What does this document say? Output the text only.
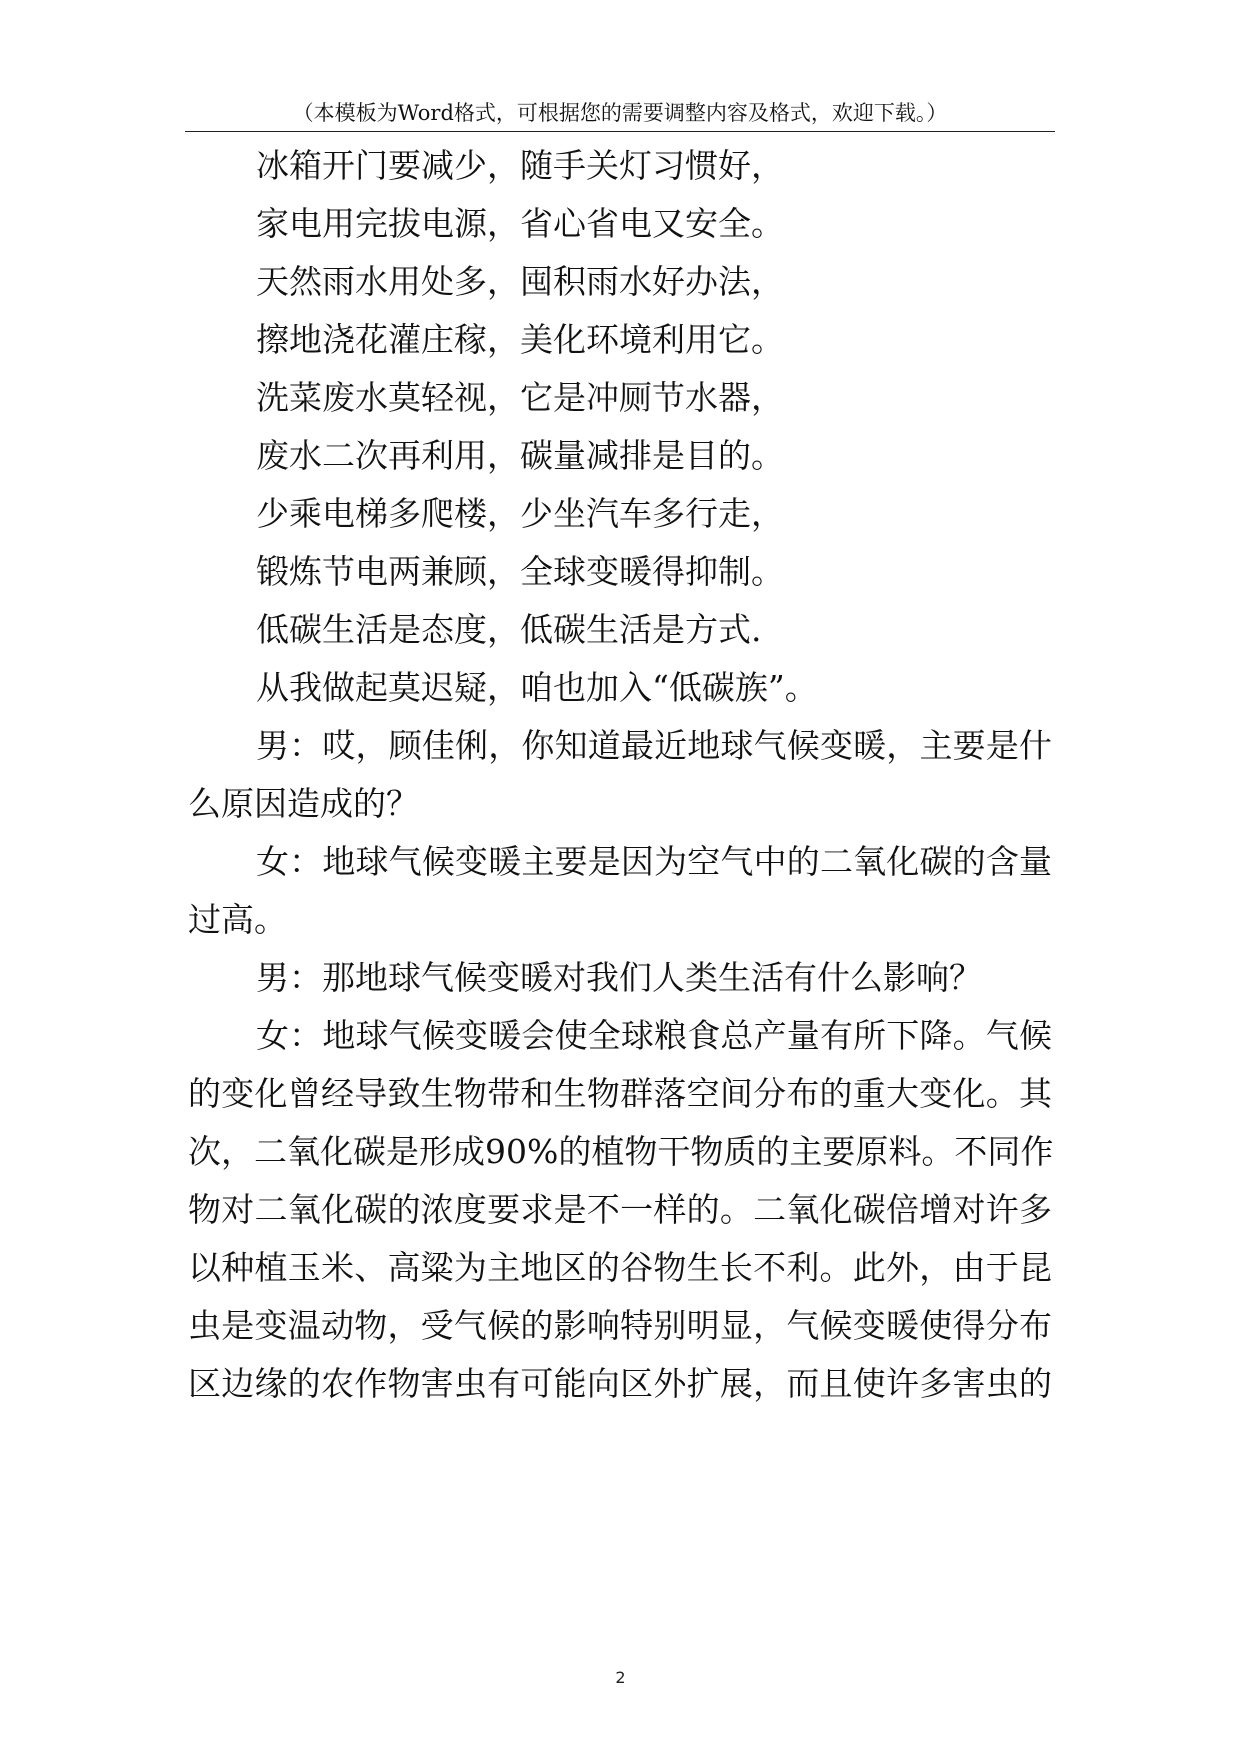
（本模板为Word格式，可根据您的需要调整内容及格式，欢迎下载。）
冰箱开门要减少，随手关灯习惯好，
家电用完拔电源，省心省电又安全。
天然雨水用处多，囤积雨水好办法，
擦地浇花灌庄稼，美化环境利用它。
洗菜废水莫轻视，它是冲厕节水器，
废水二次再利用，碳量减排是目的。
少乘电梯多爬楼，少坐汽车多行走，
锻炼节电两兼顾，全球变暖得抑制。
低碳生活是态度，低碳生活是方式.
从我做起莫迟疑，咱也加入“低碳族”。
男：哎，顾佳俐，你知道最近地球气候变暖，主要是什
么原因造成的？
女：地球气候变暖主要是因为空气中的二氧化碳的含量
过高。
男：那地球气候变暖对我们人类生活有什么影响？
女：地球气候变暖会使全球粮食总产量有所下降。气候
的变化曾经导致生物带和生物群落空间分布的重大变化。其
次，二氧化碳是形成90%的植物干物质的主要原料。不同作
物对二氧化碳的浓度要求是不一样的。二氧化碳倍增对许多
以种植玉米、高粱为主地区的谷物生长不利。此外，由于昆
虫是变温动物，受气候的影响特别明显，气候变暖使得分布
区边缘的农作物害虫有可能向区外扩展，而且使许多害虫的
2
